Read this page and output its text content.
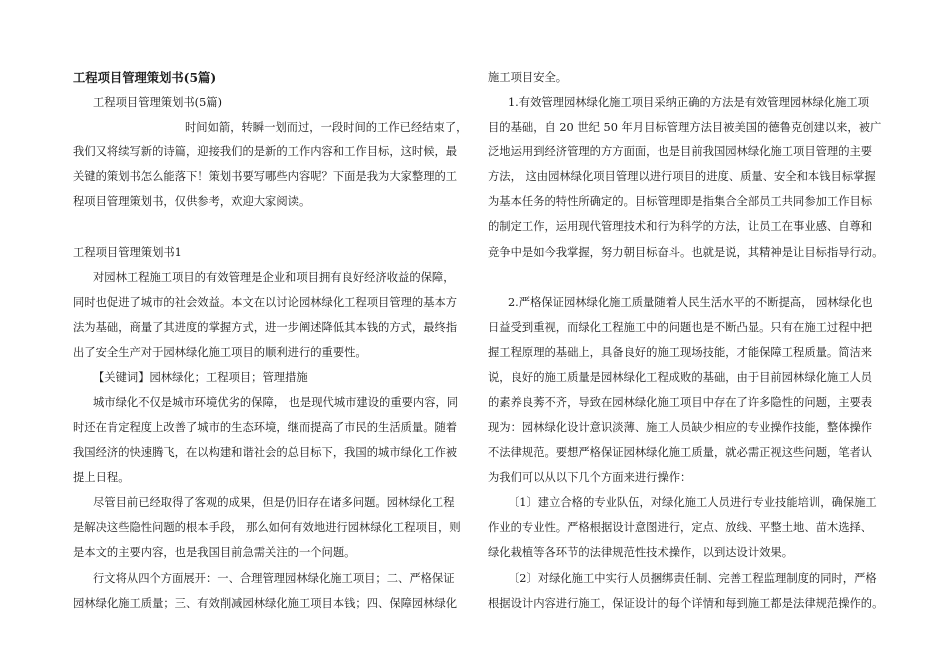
工程项目管理策划书(5篇)
工程项目管理策划书(5篇)
时间如箭，转瞬一划而过，一段时间的工作已经结束了，
我们又将续写新的诗篇，迎接我们的是新的工作内容和工作目标，这时候，最
关键的策划书怎么能落下！策划书要写哪些内容呢？下面是我为大家整理的工
程项目管理策划书，仅供参考，欢迎大家阅读。
工程项目管理策划书1
对园林工程施工项目的有效管理是企业和项目拥有良好经济收益的保障，
同时也促进了城市的社会效益。本文在以讨论园林绿化工程项目管理的基本方
法为基础，商量了其进度的掌握方式，进一步阐述降低其本钱的方式，最终指
出了安全生产对于园林绿化施工项目的顺利进行的重要性。
【关键词】园林绿化；工程项目；管理措施
城市绿化不仅是城市环境优劣的保障， 也是现代城市建设的重要内容，同
时还在肯定程度上改善了城市的生态环境，继而提高了市民的生活质量。随着
我国经济的快速腾飞，在以构建和谐社会的总目标下，我国的城市绿化工作被
提上日程。
尽管目前已经取得了客观的成果，但是仍旧存在诸多问题。园林绿化工程
是解决这些隐性问题的根本手段， 那么如何有效地进行园林绿化工程项目，则
是本文的主要内容，也是我国目前急需关注的一个问题。
行文将从四个方面展开：一、合理管理园林绿化施工项目；二、严格保证
园林绿化施工质量；三、有效削减园林绿化施工项目本钱；四、保障园林绿化
施工项目安全。
1.有效管理园林绿化施工项目采纳正确的方法是有效管理园林绿化施工项
目的基础，自 20 世纪 50 年月目标管理方法目被美国的德鲁克创建以来，被广
泛地运用到经济管理的方方面面，也是目前我国园林绿化施工项目管理的主要
方法， 这由园林绿化项目管理以进行项目的进度、质量、安全和本钱目标掌握
为基本任务的特性所确定的。目标管理即是指集合全部员工共同参加工作目标
的制定工作，运用现代管理技术和行为科学的方法，让员工在事业感、自尊和
竞争中是如今我掌握，努力朝目标奋斗。也就是说，其精神是让目标指导行动。
2.严格保证园林绿化施工质量随着人民生活水平的不断提高， 园林绿化也
日益受到重视，而绿化工程施工中的问题也是不断凸显。只有在施工过程中把
握工程原理的基础上，具备良好的施工现场技能，才能保障工程质量。简洁来
说，良好的施工质量是园林绿化工程成败的基础，由于目前园林绿化施工人员
的素养良莠不齐，导致在园林绿化施工项目中存在了许多隐性的问题，主要表
现为：园林绿化设计意识淡薄、施工人员缺少相应的专业操作技能，整体操作
不法律规范。要想严格保证园林绿化施工质量，就必需正视这些问题，笔者认
为我们可以从以下几个方面来进行操作：
〔1〕建立合格的专业队伍，对绿化施工人员进行专业技能培训，确保施工
作业的专业性。严格根据设计意图进行，定点、放线、平整土地、苗木选择、
绿化栽植等各环节的法律规范性技术操作，以到达设计效果。
〔2〕对绿化施工中实行人员捆绑责任制、完善工程监理制度的同时，严格
根据设计内容进行施工，保证设计的每个详情和每到施工都是法律规范操作的。
